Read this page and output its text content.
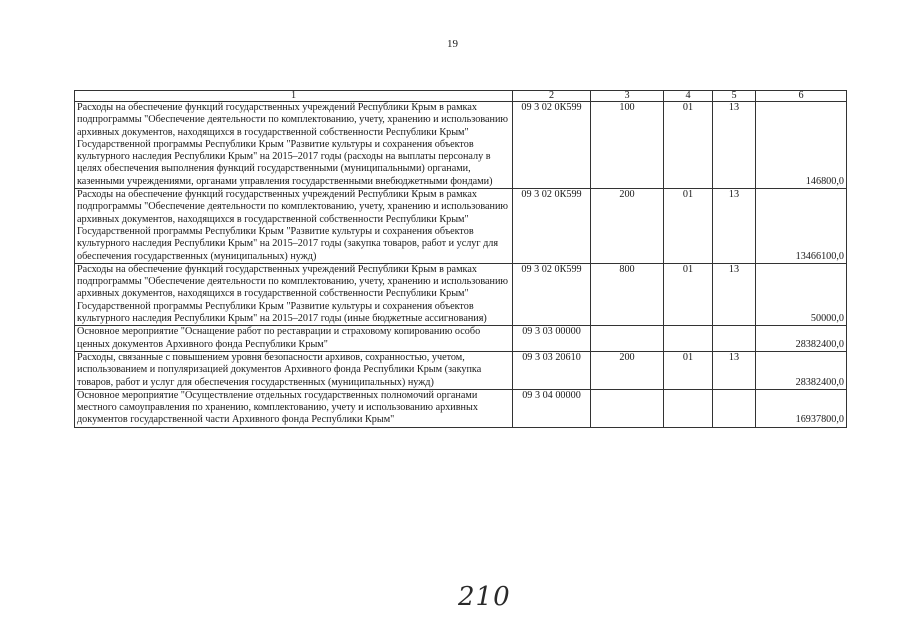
19
1	2	3	4	5	6
Расходы на обеспечение функций государственных учреждений Республики Крым в рамках подпрограммы "Обеспечение деятельности по комплектованию, учету, хранению и использованию архивных документов, находящихся в государственной собственности Республики Крым" Государственной программы Республики Крым "Развитие культуры и сохранения объектов культурного наследия Республики Крым" на 2015–2017 годы (расходы на выплаты персоналу в целях обеспечения выполнения функций государственными (муниципальными) органами, казенными учреждениями, органами управления государственными внебюджетными фондами)	09 3 02 0К599	100	01	13	146800,0
Расходы на обеспечение функций государственных учреждений Республики Крым в рамках подпрограммы "Обеспечение деятельности по комплектованию, учету, хранению и использованию архивных документов, находящихся в государственной собственности Республики Крым" Государственной программы Республики Крым "Развитие культуры и сохранения объектов культурного наследия Республики Крым" на 2015–2017 годы (закупка товаров, работ и услуг для обеспечения государственных (муниципальных) нужд)	09 3 02 0К599	200	01	13	13466100,0
Расходы на обеспечение функций государственных учреждений Республики Крым в рамках подпрограммы "Обеспечение деятельности по комплектованию, учету, хранению и использованию архивных документов, находящихся в государственной собственности Республики Крым" Государственной программы Республики Крым "Развитие культуры и сохранения объектов культурного наследия Республики Крым" на 2015–2017 годы (иные бюджетные ассигнования)	09 3 02 0К599	800	01	13	50000,0
Основное мероприятие "Оснащение работ по реставрации и страховому копированию особо ценных документов Архивного фонда Республики Крым"	09 3 03 00000				28382400,0
Расходы, связанные с повышением уровня безопасности архивов, сохранностью, учетом, использованием и популяризацией документов Архивного фонда Республики Крым (закупка товаров, работ и услуг для обеспечения государственных (муниципальных) нужд)	09 3 03 20610	200	01	13	28382400,0
Основное мероприятие "Осуществление отдельных государственных полномочий органами местного самоуправления по хранению, комплектованию, учету и использованию архивных документов государственной части Архивного фонда Республики Крым"	09 3 04 00000				16937800,0
210
